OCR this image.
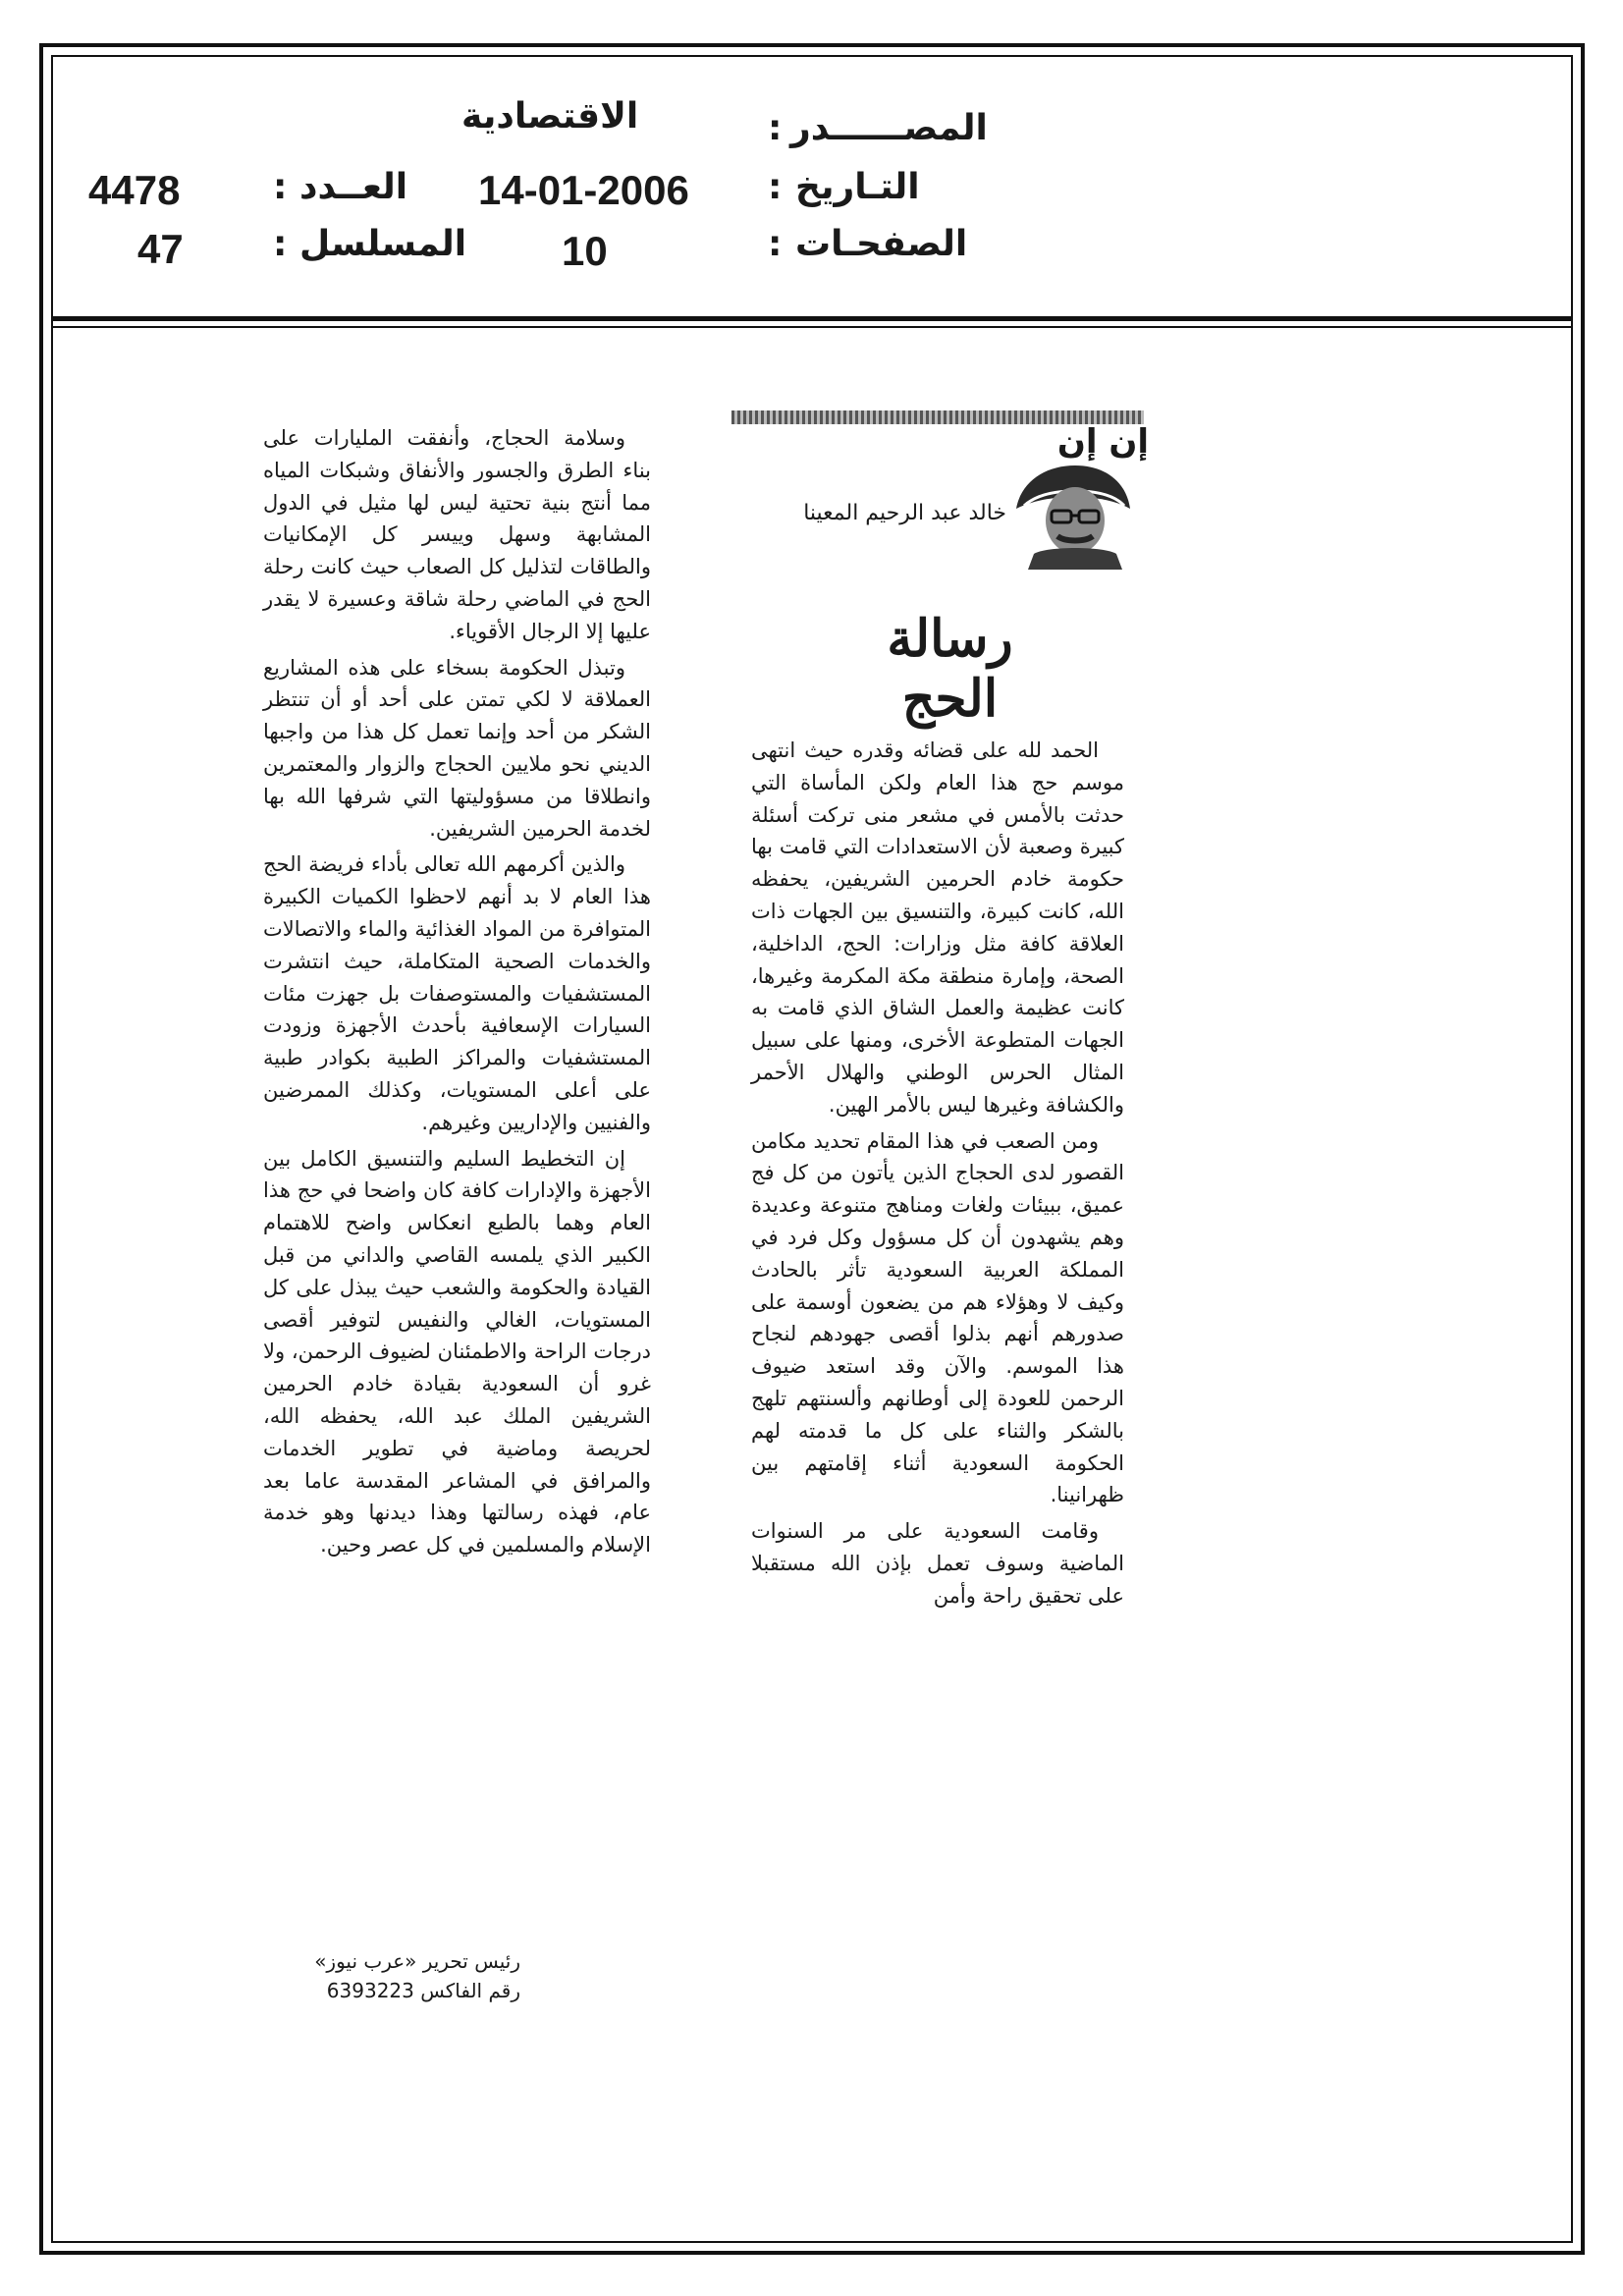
المصــــــدر
:
الاقتصادية
التـاريخ
:
14-01-2006
العــدد
:
4478
الصفحـات
:
10
المسلسل
:
47
إن إن
خالد عبد الرحيم المعينا
رسالة الحج

الحمد لله على قضائه وقدره حيث انتهى موسم حج هذا العام ولكن المأساة التي حدثت بالأمس في مشعر منى تركت أسئلة كبيرة وصعبة لأن الاستعدادات التي قامت بها حكومة خادم الحرمين الشريفين، يحفظه الله، كانت كبيرة، والتنسيق بين الجهات ذات العلاقة كافة مثل وزارات: الحج، الداخلية، الصحة، وإمارة منطقة مكة المكرمة وغيرها، كانت عظيمة والعمل الشاق الذي قامت به الجهات المتطوعة الأخرى، ومنها على سبيل المثال الحرس الوطني والهلال الأحمر والكشافة وغيرها ليس بالأمر الهين.

ومن الصعب في هذا المقام تحديد مكامن القصور لدى الحجاج الذين يأتون من كل فج عميق، ببيئات ولغات ومناهج متنوعة وعديدة وهم يشهدون أن كل مسؤول وكل فرد في المملكة العربية السعودية تأثر بالحادث وكيف لا وهؤلاء هم من يضعون أوسمة على صدورهم أنهم بذلوا أقصى جهودهم لنجاح هذا الموسم. والآن وقد استعد ضيوف الرحمن للعودة إلى أوطانهم وألسنتهم تلهج بالشكر والثناء على كل ما قدمته لهم الحكومة السعودية أثناء إقامتهم بين ظهرانينا.

وقامت السعودية على مر السنوات الماضية وسوف تعمل بإذن الله مستقبلا على تحقيق راحة وأمن

وسلامة الحجاج، وأنفقت المليارات على بناء الطرق والجسور والأنفاق وشبكات المياه مما أنتج بنية تحتية ليس لها مثيل في الدول المشابهة وسهل وييسر كل الإمكانيات والطاقات لتذليل كل الصعاب حيث كانت رحلة الحج في الماضي رحلة شاقة وعسيرة لا يقدر عليها إلا الرجال الأقوياء.

وتبذل الحكومة بسخاء على هذه المشاريع العملاقة لا لكي تمتن على أحد أو أن تنتظر الشكر من أحد وإنما تعمل كل هذا من واجبها الديني نحو ملايين الحجاج والزوار والمعتمرين وانطلاقا من مسؤوليتها التي شرفها الله بها لخدمة الحرمين الشريفين.

والذين أكرمهم الله تعالى بأداء فريضة الحج هذا العام لا بد أنهم لاحظوا الكميات الكبيرة المتوافرة من المواد الغذائية والماء والاتصالات والخدمات الصحية المتكاملة، حيث انتشرت المستشفيات والمستوصفات بل جهزت مئات السيارات الإسعافية بأحدث الأجهزة وزودت المستشفيات والمراكز الطبية بكوادر طبية على أعلى المستويات، وكذلك الممرضين والفنيين والإداريين وغيرهم.

إن التخطيط السليم والتنسيق الكامل بين الأجهزة والإدارات كافة كان واضحا في حج هذا العام وهما بالطبع انعكاس واضح للاهتمام الكبير الذي يلمسه القاصي والداني من قبل القيادة والحكومة والشعب حيث يبذل على كل المستويات، الغالي والنفيس لتوفير أقصى درجات الراحة والاطمئنان لضيوف الرحمن، ولا غرو أن السعودية بقيادة خادم الحرمين الشريفين الملك عبد الله، يحفظه الله، لحريصة وماضية في تطوير الخدمات والمرافق في المشاعر المقدسة عاما بعد عام، فهذه رسالتها وهذا ديدنها وهو خدمة الإسلام والمسلمين في كل عصر وحين.

رئيس تحرير «عرب نيوز»
رقم الفاكس 6393223
